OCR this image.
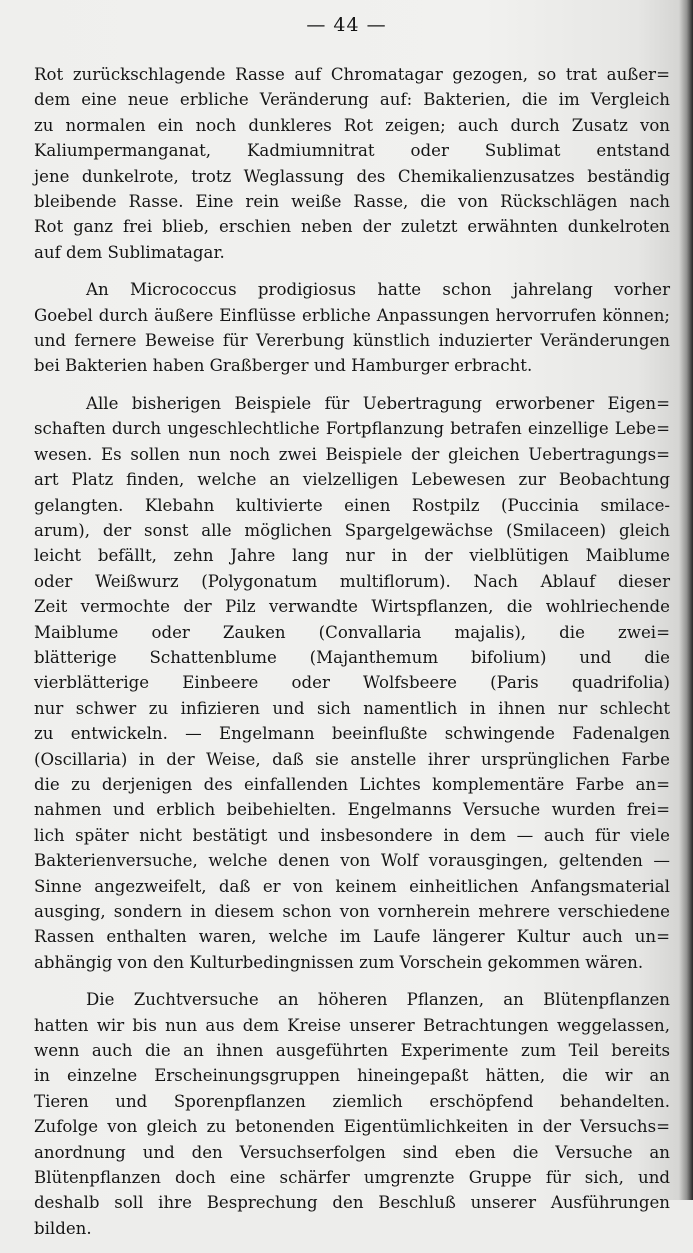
— 44 —

Rot zurückschlagende Rasse auf Chromatagar gezogen, so trat außer=
dem eine neue erbliche Veränderung auf: Bakterien, die im Vergleich
zu normalen ein noch dunkleres Rot zeigen; auch durch Zusatz von
Kaliumpermanganat, Kadmiumnitrat oder Sublimat entstand
jene dunkelrote, trotz Weglassung des Chemikalienzusatzes beständig
bleibende Rasse. Eine rein weiße Rasse, die von Rückschlägen nach
Rot ganz frei blieb, erschien neben der zuletzt erwähnten dunkelroten
auf dem Sublimatagar.

An Micrococcus prodigiosus hatte schon jahrelang vorher
Goebel durch äußere Einflüsse erbliche Anpassungen hervorrufen können;
und fernere Beweise für Vererbung künstlich induzierter Veränderungen
bei Bakterien haben Graßberger und Hamburger erbracht.

Alle bisherigen Beispiele für Uebertragung erworbener Eigen=
schaften durch ungeschlechtliche Fortpflanzung betrafen einzellige Lebe=
wesen. Es sollen nun noch zwei Beispiele der gleichen Uebertragungs=
art Platz finden, welche an vielzelligen Lebewesen zur Beobachtung
gelangten. Klebahn kultivierte einen Rostpilz (Puccinia smilace-
arum), der sonst alle möglichen Spargelgewächse (Smilaceen) gleich
leicht befällt, zehn Jahre lang nur in der vielblütigen Maiblume
oder Weißwurz (Polygonatum multiflorum). Nach Ablauf dieser
Zeit vermochte der Pilz verwandte Wirtspflanzen, die wohlriechende
Maiblume oder Zauken (Convallaria majalis), die zwei=
blätterige Schattenblume (Majanthemum bifolium) und die
vierblätterige Einbeere oder Wolfsbeere (Paris quadrifolia)
nur schwer zu infizieren und sich namentlich in ihnen nur schlecht
zu entwickeln. — Engelmann beeinflußte schwingende Fadenalgen
(Oscillaria) in der Weise, daß sie anstelle ihrer ursprünglichen Farbe
die zu derjenigen des einfallenden Lichtes komplementäre Farbe an=
nahmen und erblich beibehielten. Engelmanns Versuche wurden frei=
lich später nicht bestätigt und insbesondere in dem — auch für viele
Bakterienversuche, welche denen von Wolf vorausgingen, geltenden —
Sinne angezweifelt, daß er von keinem einheitlichen Anfangsmaterial
ausging, sondern in diesem schon von vornherein mehrere verschiedene
Rassen enthalten waren, welche im Laufe längerer Kultur auch un=
abhängig von den Kulturbedingnissen zum Vorschein gekommen wären.

Die Zuchtversuche an höheren Pflanzen, an Blütenpflanzen
hatten wir bis nun aus dem Kreise unserer Betrachtungen weggelassen,
wenn auch die an ihnen ausgeführten Experimente zum Teil bereits
in einzelne Erscheinungsgruppen hineingepaßt hätten, die wir an
Tieren und Sporenpflanzen ziemlich erschöpfend behandelten.
Zufolge von gleich zu betonenden Eigentümlichkeiten in der Versuchs=
anordnung und den Versuchserfolgen sind eben die Versuche an
Blütenpflanzen doch eine schärfer umgrenzte Gruppe für sich, und
deshalb soll ihre Besprechung den Beschluß unserer Ausführungen
bilden.
